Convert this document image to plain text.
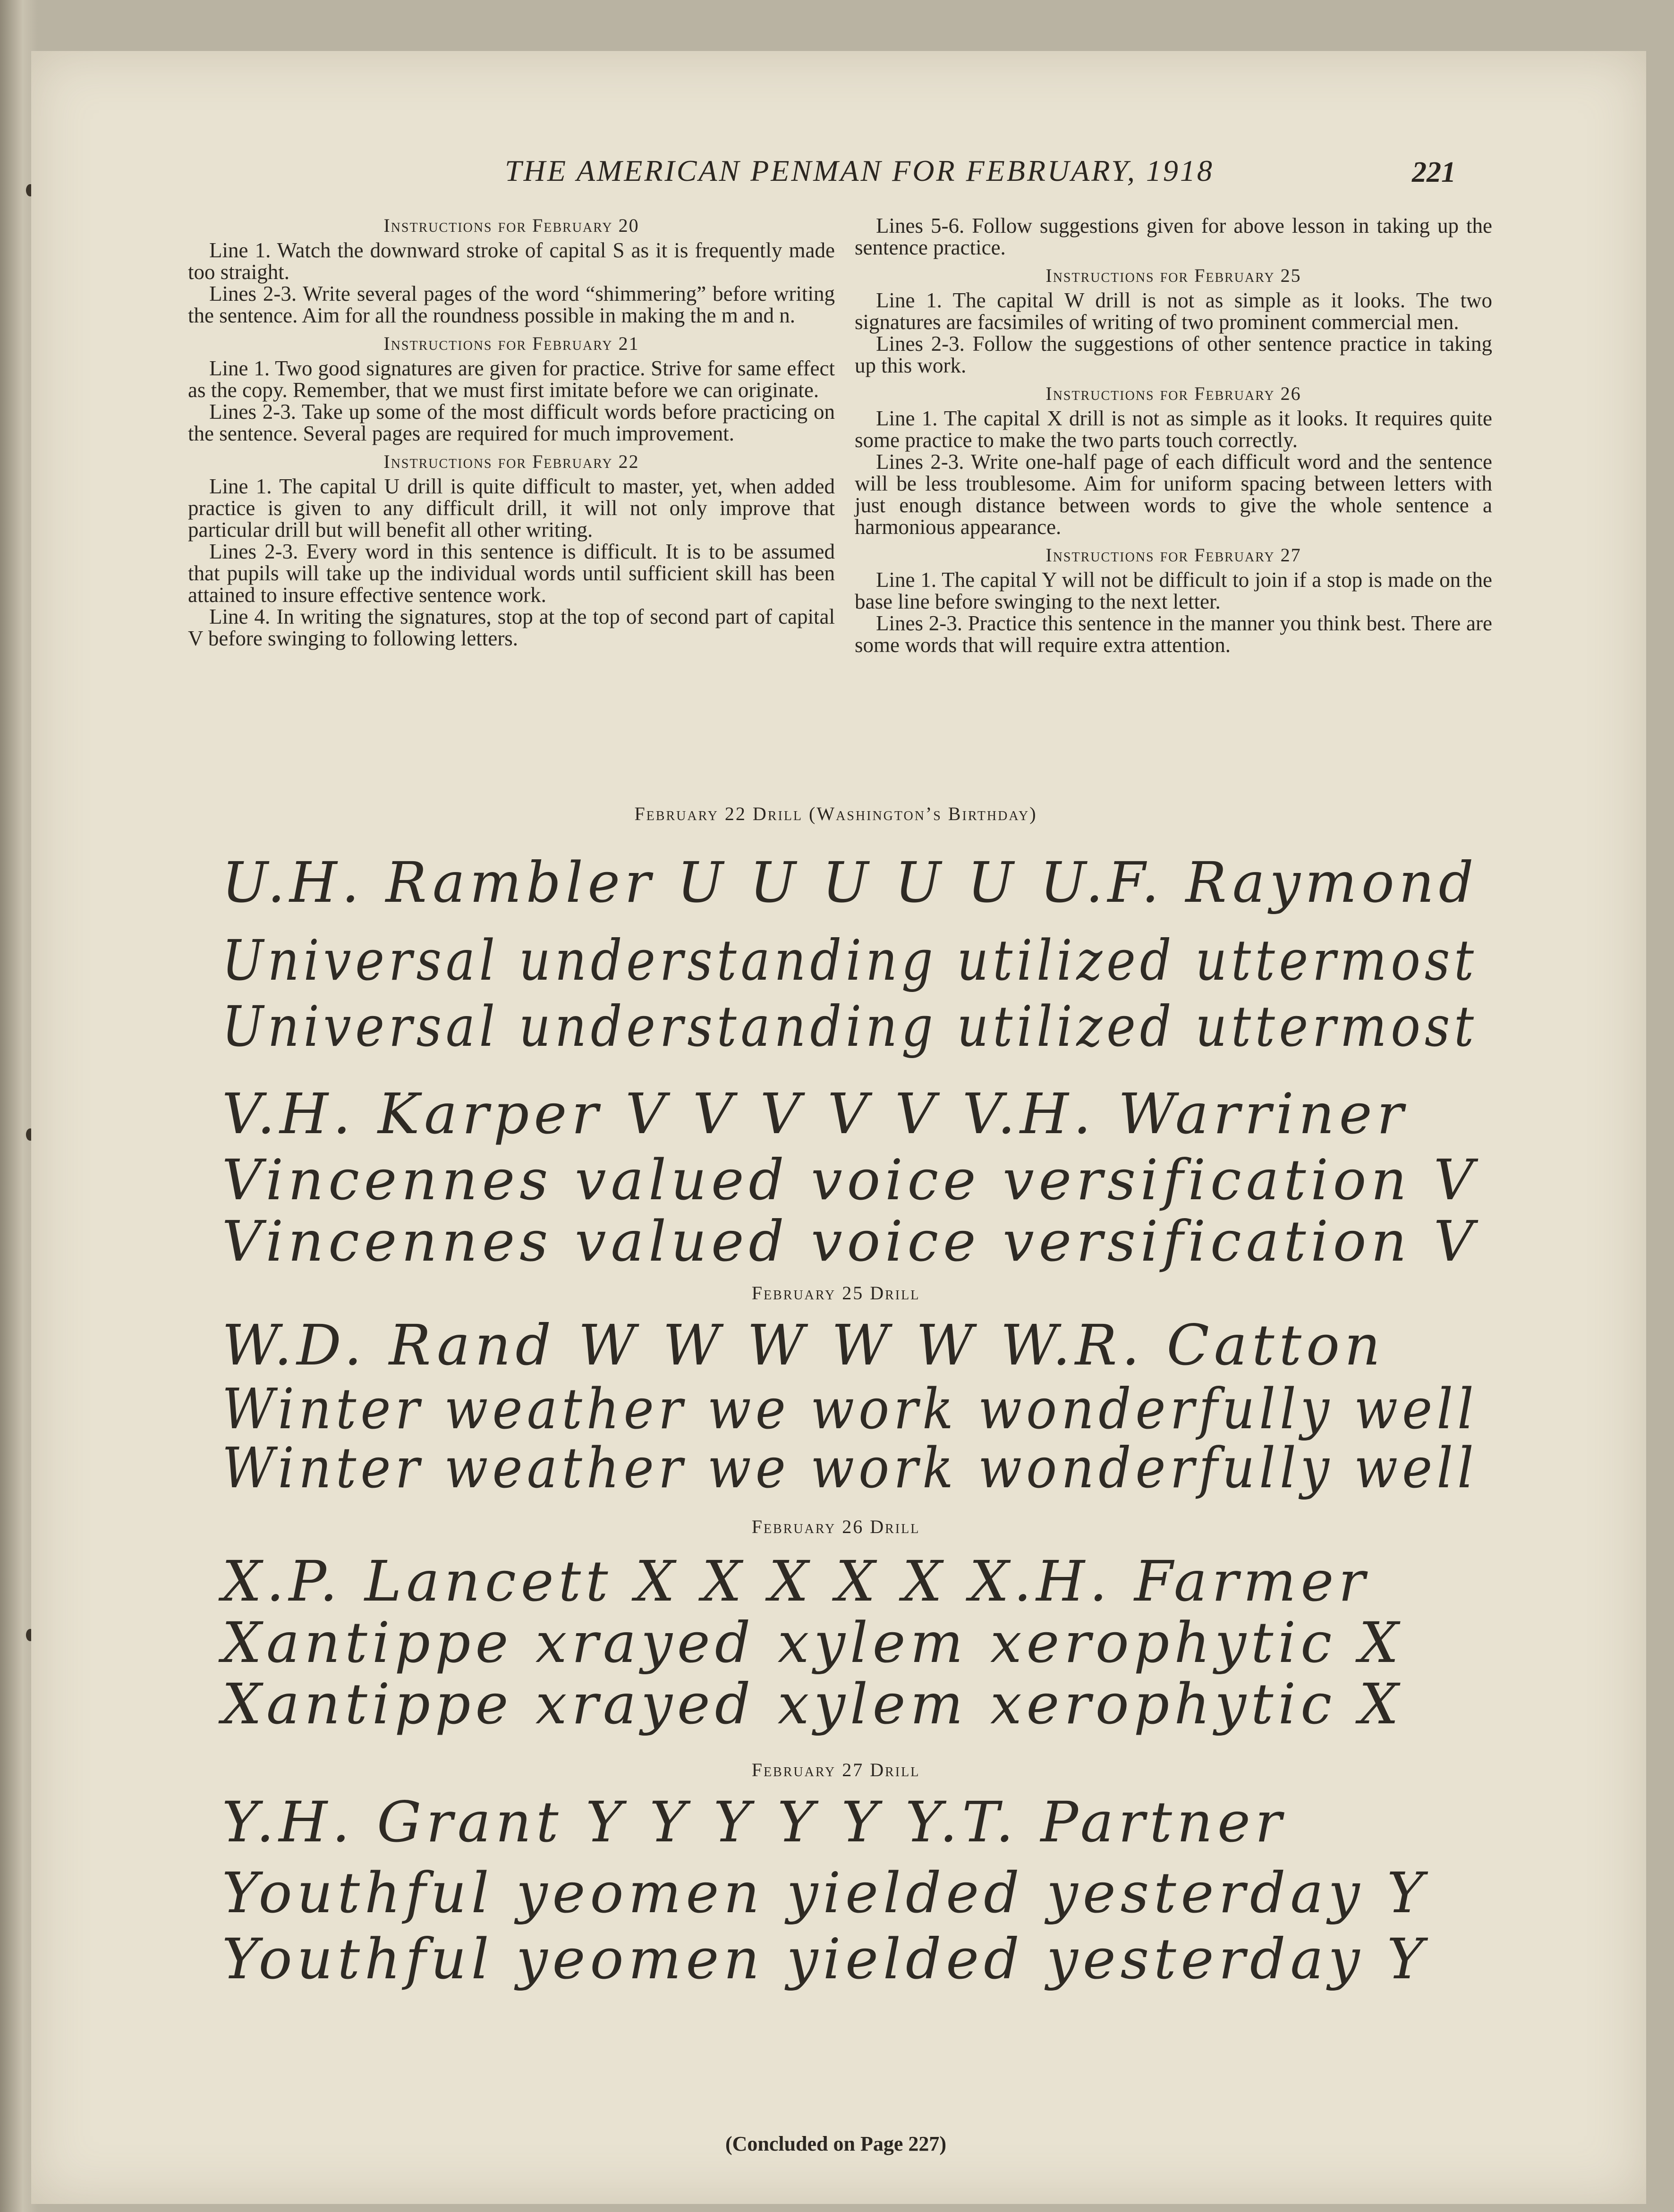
THE AMERICAN PENMAN FOR FEBRUARY, 1918	221
Instructions for February 20

Line 1. Watch the downward stroke of capital S as it is frequently made too straight.

Lines 2-3. Write several pages of the word “shimmering” before writing the sentence. Aim for all the roundness possible in making the m and n.

Instructions for February 21

Line 1. Two good signatures are given for practice. Strive for same effect as the copy. Remember, that we must first imitate before we can originate.

Lines 2-3. Take up some of the most difficult words before practicing on the sentence. Several pages are required for much improvement.

Instructions for February 22

Line 1. The capital U drill is quite difficult to master, yet, when added practice is given to any difficult drill, it will not only improve that particular drill but will benefit all other writing.

Lines 2-3. Every word in this sentence is difficult. It is to be assumed that pupils will take up the individual words until sufficient skill has been attained to insure effective sentence work.

Line 4. In writing the signatures, stop at the top of second part of capital V before swinging to following letters.

Lines 5-6. Follow suggestions given for above lesson in taking up the sentence practice.

Instructions for February 25

Line 1. The capital W drill is not as simple as it looks. The two signatures are facsimiles of writing of two prominent commercial men.

Lines 2-3. Follow the suggestions of other sentence practice in taking up this work.

Instructions for February 26

Line 1. The capital X drill is not as simple as it looks. It requires quite some practice to make the two parts touch correctly.

Lines 2-3. Write one-half page of each difficult word and the sentence will be less troublesome. Aim for uniform spacing between letters with just enough distance between words to give the whole sentence a harmonious appearance.

Instructions for February 27

Line 1. The capital Y will not be difficult to join if a stop is made on the base line before swinging to the next letter.

Lines 2-3. Practice this sentence in the manner you think best. There are some words that will require extra attention.

February 22 Drill (Washington’s Birthday)
U.H. Rambler U U U U U U.F. Raymond
Universal understanding utilized uttermost
Universal understanding utilized uttermost
V.H. Karper V V V V V V.H. Warriner
Vincennes valued voice versification V
Vincennes valued voice versification V
February 25 Drill
W.D. Rand W W W W W W.R. Catton
Winter weather we work wonderfully well
Winter weather we work wonderfully well
February 26 Drill
X.P. Lancett X X X X X X.H. Farmer
Xantippe xrayed xylem xerophytic X
Xantippe xrayed xylem xerophytic X
February 27 Drill
Y.H. Grant Y Y Y Y Y Y.T. Partner
Youthful yeomen yielded yesterday Y
Youthful yeomen yielded yesterday Y
(Concluded on Page 227)
